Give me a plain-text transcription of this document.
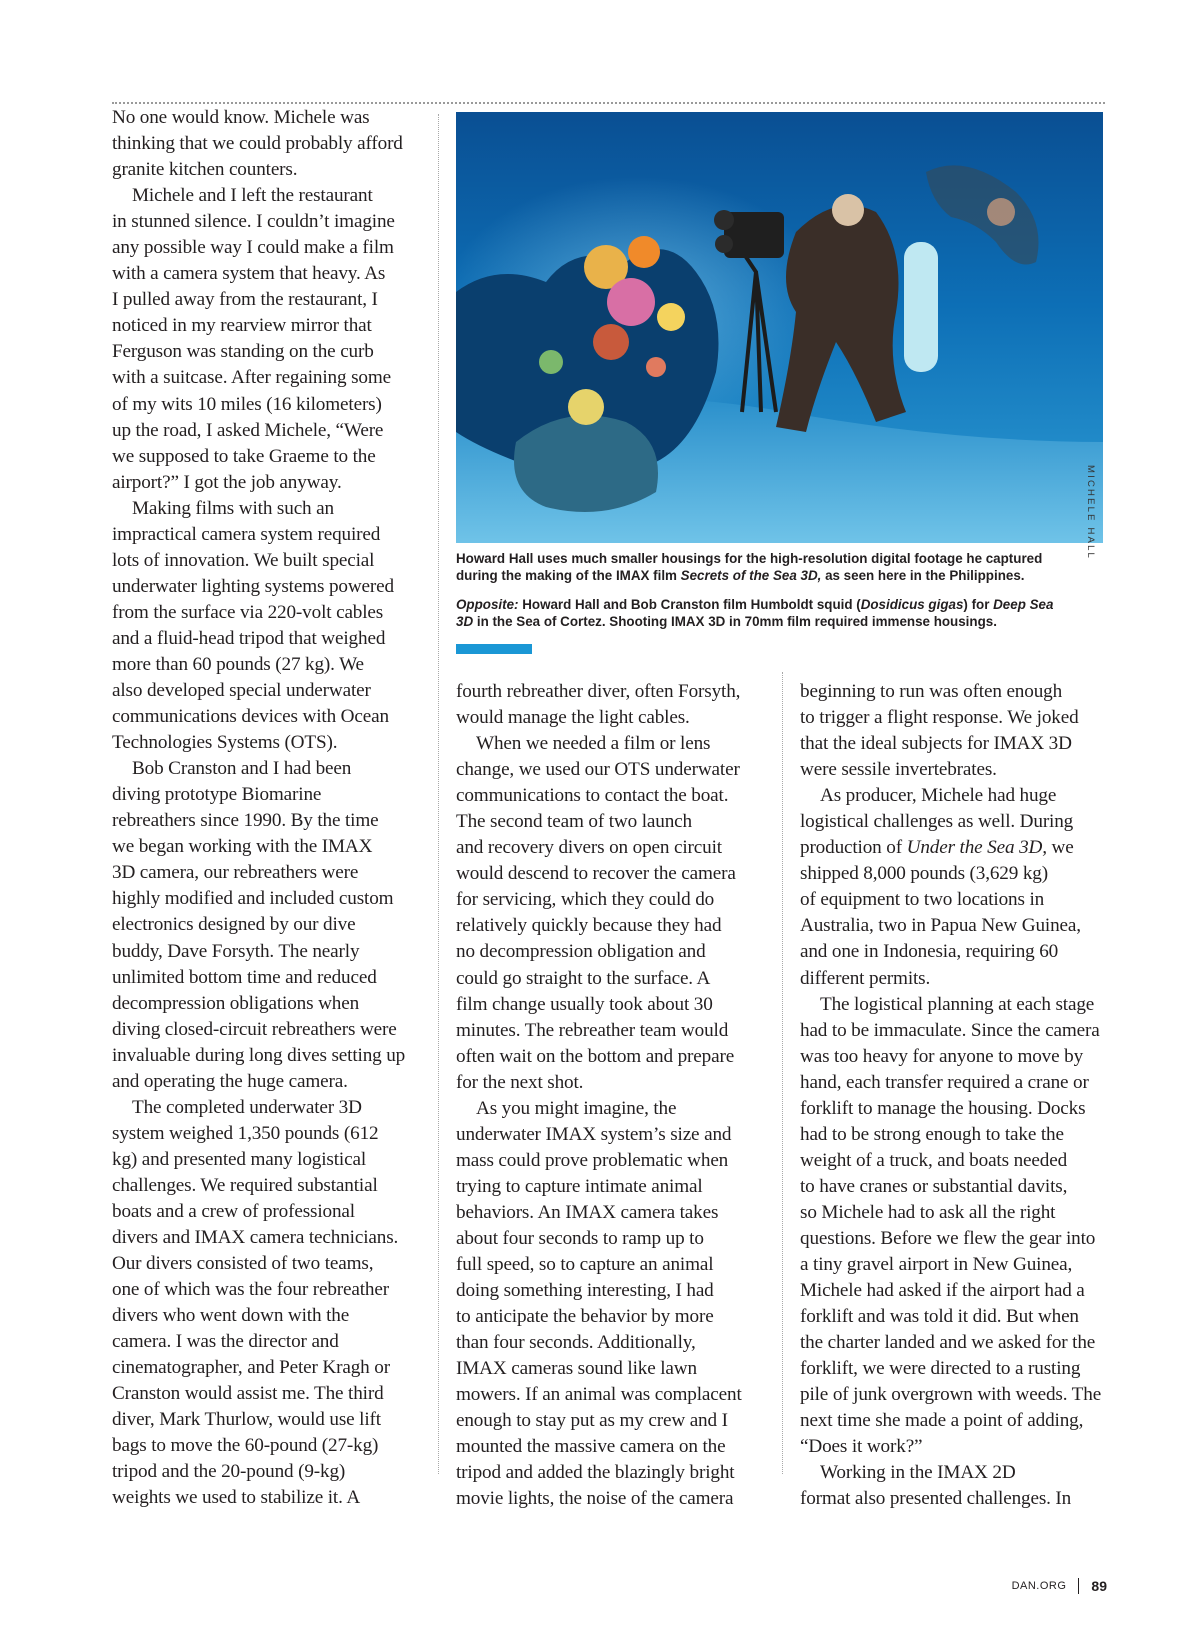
No one would know. Michele was
thinking that we could probably afford
granite kitchen counters.
Michele and I left the restaurant
in stunned silence. I couldn’t imagine
any possible way I could make a film
with a camera system that heavy. As
I pulled away from the restaurant, I
noticed in my rearview mirror that
Ferguson was standing on the curb
with a suitcase. After regaining some
of my wits 10 miles (16 kilometers)
up the road, I asked Michele, “Were
we supposed to take Graeme to the
airport?” I got the job anyway.
Making films with such an
impractical camera system required
lots of innovation. We built special
underwater lighting systems powered
from the surface via 220-volt cables
and a fluid-head tripod that weighed
more than 60 pounds (27 kg). We
also developed special underwater
communications devices with Ocean
Technologies Systems (OTS).
Bob Cranston and I had been
diving prototype Biomarine
rebreathers since 1990. By the time
we began working with the IMAX
3D camera, our rebreathers were
highly modified and included custom
electronics designed by our dive
buddy, Dave Forsyth. The nearly
unlimited bottom time and reduced
decompression obligations when
diving closed-circuit rebreathers were
invaluable during long dives setting up
and operating the huge camera.
The completed underwater 3D
system weighed 1,350 pounds (612
kg) and presented many logistical
challenges. We required substantial
boats and a crew of professional
divers and IMAX camera technicians.
Our divers consisted of two teams,
one of which was the four rebreather
divers who went down with the
camera. I was the director and
cinematographer, and Peter Kragh or
Cranston would assist me. The third
diver, Mark Thurlow, would use lift
bags to move the 60-pound (27-kg)
tripod and the 20-pound (9-kg)
weights we used to stabilize it. A
MICHELE HALL
Howard Hall uses much smaller housings for the high-resolution digital footage he captured
during the making of the IMAX film Secrets of the Sea 3D, as seen here in the Philippines.
Opposite: Howard Hall and Bob Cranston film Humboldt squid (Dosidicus gigas) for Deep Sea
3D in the Sea of Cortez. Shooting IMAX 3D in 70mm film required immense housings.
fourth rebreather diver, often Forsyth,
would manage the light cables.
When we needed a film or lens
change, we used our OTS underwater
communications to contact the boat.
The second team of two launch
and recovery divers on open circuit
would descend to recover the camera
for servicing, which they could do
relatively quickly because they had
no decompression obligation and
could go straight to the surface. A
film change usually took about 30
minutes. The rebreather team would
often wait on the bottom and prepare
for the next shot.
As you might imagine, the
underwater IMAX system’s size and
mass could prove problematic when
trying to capture intimate animal
behaviors. An IMAX camera takes
about four seconds to ramp up to
full speed, so to capture an animal
doing something interesting, I had
to anticipate the behavior by more
than four seconds. Additionally,
IMAX cameras sound like lawn
mowers. If an animal was complacent
enough to stay put as my crew and I
mounted the massive camera on the
tripod and added the blazingly bright
movie lights, the noise of the camera
beginning to run was often enough
to trigger a flight response. We joked
that the ideal subjects for IMAX 3D
were sessile invertebrates.
As producer, Michele had huge
logistical challenges as well. During
production of Under the Sea 3D, we
shipped 8,000 pounds (3,629 kg)
of equipment to two locations in
Australia, two in Papua New Guinea,
and one in Indonesia, requiring 60
different permits.
The logistical planning at each stage
had to be immaculate. Since the camera
was too heavy for anyone to move by
hand, each transfer required a crane or
forklift to manage the housing. Docks
had to be strong enough to take the
weight of a truck, and boats needed
to have cranes or substantial davits,
so Michele had to ask all the right
questions. Before we flew the gear into
a tiny gravel airport in New Guinea,
Michele had asked if the airport had a
forklift and was told it did. But when
the charter landed and we asked for the
forklift, we were directed to a rusting
pile of junk overgrown with weeds. The
next time she made a point of adding,
“Does it work?”
Working in the IMAX 2D
format also presented challenges. In
DAN.ORG 89
